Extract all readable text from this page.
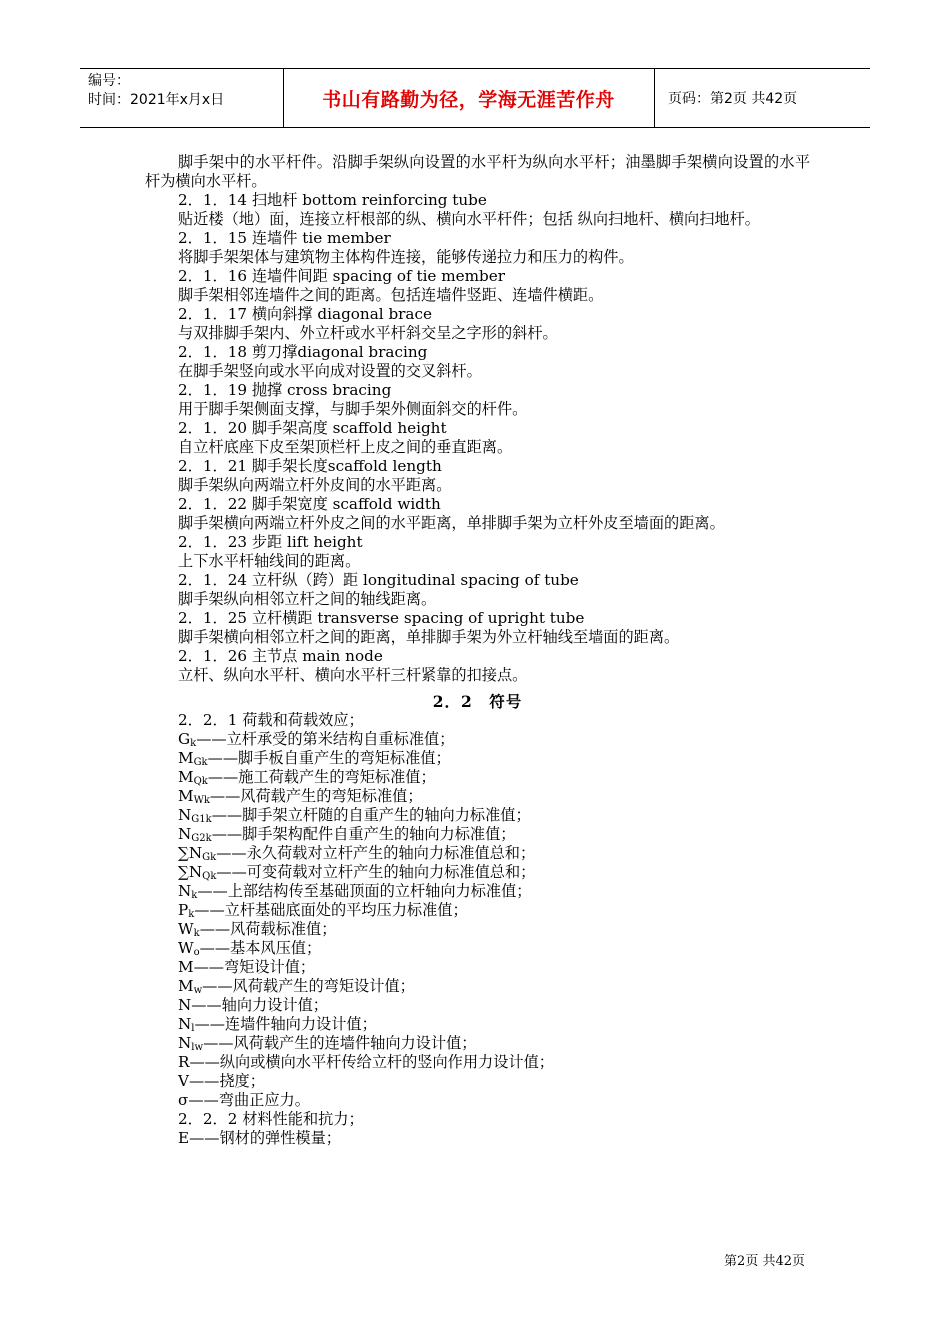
编号：
时间：2021年x月x日	书山有路勤为径，学海无涯苦作舟	页码：第2页 共42页
脚手架中的水平杆件。沿脚手架纵向设置的水平杆为纵向水平杆；油墨脚手架横向设置的水平杆为横向水平杆。
2．1．14 扫地杆 bottom reinforcing tube
贴近楼（地）面，连接立杆根部的纵、横向水平杆件；包括 纵向扫地杆、横向扫地杆。
2．1．15 连墙件 tie member
将脚手架架体与建筑物主体构件连接，能够传递拉力和压力的构件。
2．1．16 连墙件间距 spacing of tie member
脚手架相邻连墙件之间的距离。包括连墙件竖距、连墙件横距。
2．1．17 横向斜撑 diagonal brace
与双排脚手架内、外立杆或水平杆斜交呈之字形的斜杆。
2．1．18 剪刀撑diagonal bracing
在脚手架竖向或水平向成对设置的交叉斜杆。
2．1．19 抛撑 cross bracing
用于脚手架侧面支撑，与脚手架外侧面斜交的杆件。
2．1．20 脚手架高度 scaffold height
自立杆底座下皮至架顶栏杆上皮之间的垂直距离。
2．1．21 脚手架长度scaffold length
脚手架纵向两端立杆外皮间的水平距离。
2．1．22 脚手架宽度 scaffold width
脚手架横向两端立杆外皮之间的水平距离，单排脚手架为立杆外皮至墙面的距离。
2．1．23 步距 lift height
上下水平杆轴线间的距离。
2．1．24 立杆纵（跨）距 longitudinal spacing of tube
脚手架纵向相邻立杆之间的轴线距离。
2．1．25 立杆横距 transverse spacing of upright tube
脚手架横向相邻立杆之间的距离，单排脚手架为外立杆轴线至墙面的距离。
2．1．26 主节点 main node
立杆、纵向水平杆、横向水平杆三杆紧靠的扣接点。
2．2　符号
2．2．1 荷载和荷载效应；
$G_k——$立杆承受的第米结构自重标准值；
$M_{Gk}——$脚手板自重产生的弯矩标准值；
$M_{Qk}——$施工荷载产生的弯矩标准值；
$M_{Wk}——$风荷载产生的弯矩标准值；
$N_{G1k}——$脚手架立杆随的自重产生的轴向力标准值；
$N_{G2k}——$脚手架构配件自重产生的轴向力标准值；
$\sum N_{Gk}——$永久荷载对立杆产生的轴向力标准值总和；
$\sum N_{Qk}——$可变荷载对立杆产生的轴向力标准值总和；
$N_k——$上部结构传至基础顶面的立杆轴向力标准值；
$P_k——$立杆基础底面处的平均压力标准值；
$W_k——$风荷载标准值；
$W_o——$基本风压值；
M——弯矩设计值；
$M_w——$风荷载产生的弯矩设计值；
N——轴向力设计值；
$N_l——$连墙件轴向力设计值；
$N_{lw}——$风荷载产生的连墙件轴向力设计值；
R——纵向或横向水平杆传给立杆的竖向作用力设计值；
V——挠度；
σ——弯曲正应力。
2．2．2 材料性能和抗力；
E——钢材的弹性模量；
第2页 共42页
